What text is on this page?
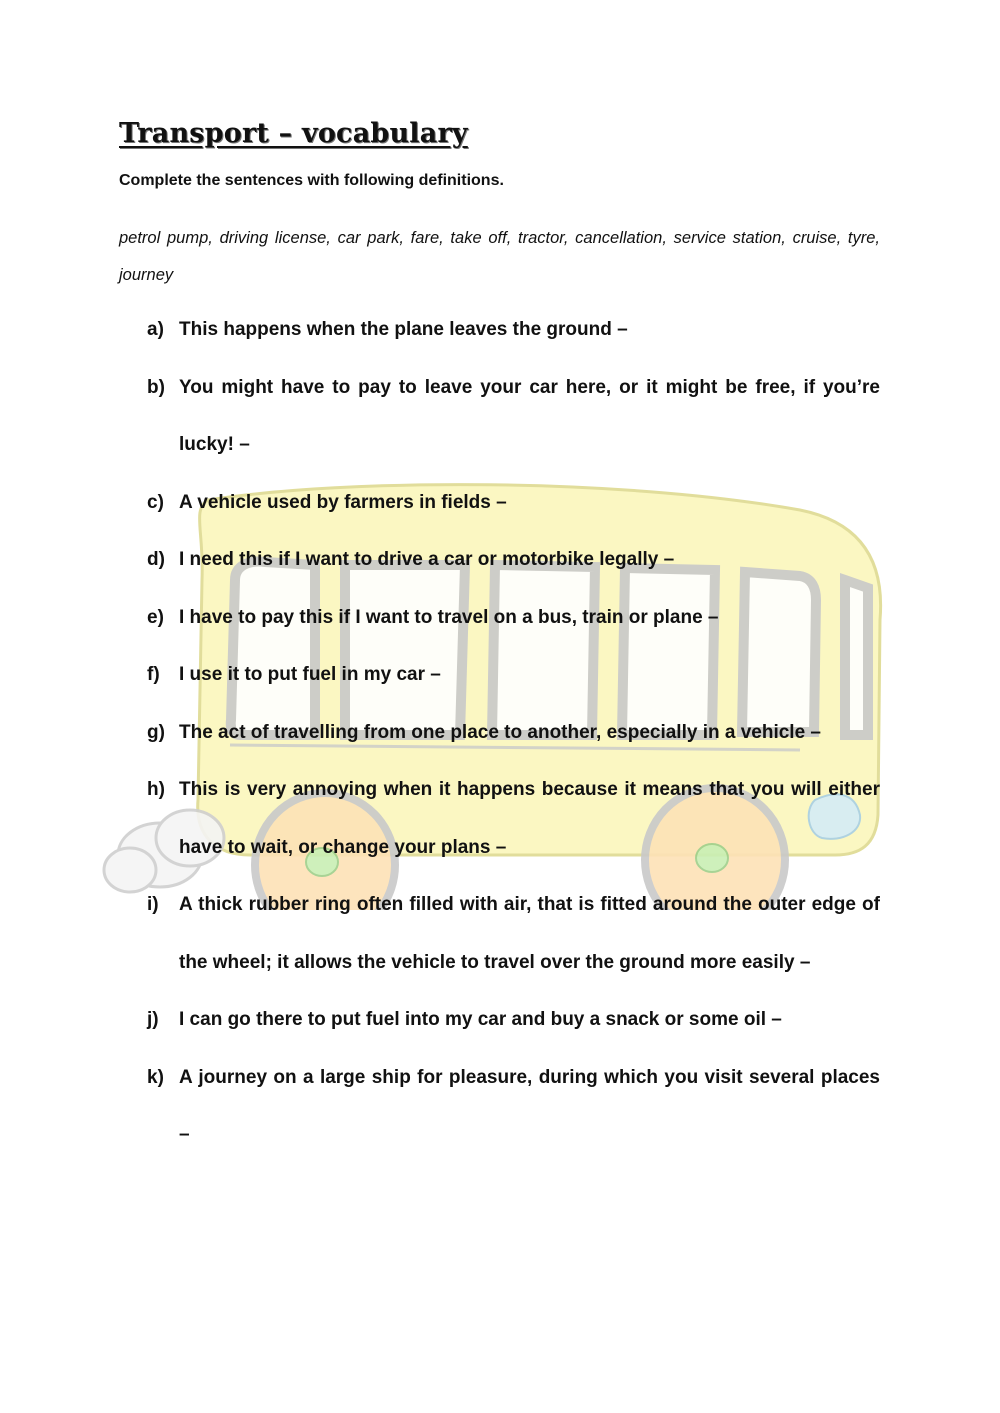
Transport – vocabulary

Complete the sentences with following definitions.

petrol pump, driving license, car park, fare, take off, tractor, cancellation, service station, cruise, tyre, journey

a) This happens when the plane leaves the ground –
b) You might have to pay to leave your car here, or it might be free, if you’re lucky! –
c) A vehicle used by farmers in fields –
d) I need this if I want to drive a car or motorbike legally –
e) I have to pay this if I want to travel on a bus, train or plane –
f) I use it to put fuel in my car –
g) The act of travelling from one place to another, especially in a vehicle –
h) This is very annoying when it happens because it means that you will either have to wait, or change your plans –
i) A thick rubber ring often filled with air, that is fitted around the outer edge of the wheel; it allows the vehicle to travel over the ground more easily –
j) I can go there to put fuel into my car and buy a snack or some oil –
k) A journey on a large ship for pleasure, during which you visit several places –
